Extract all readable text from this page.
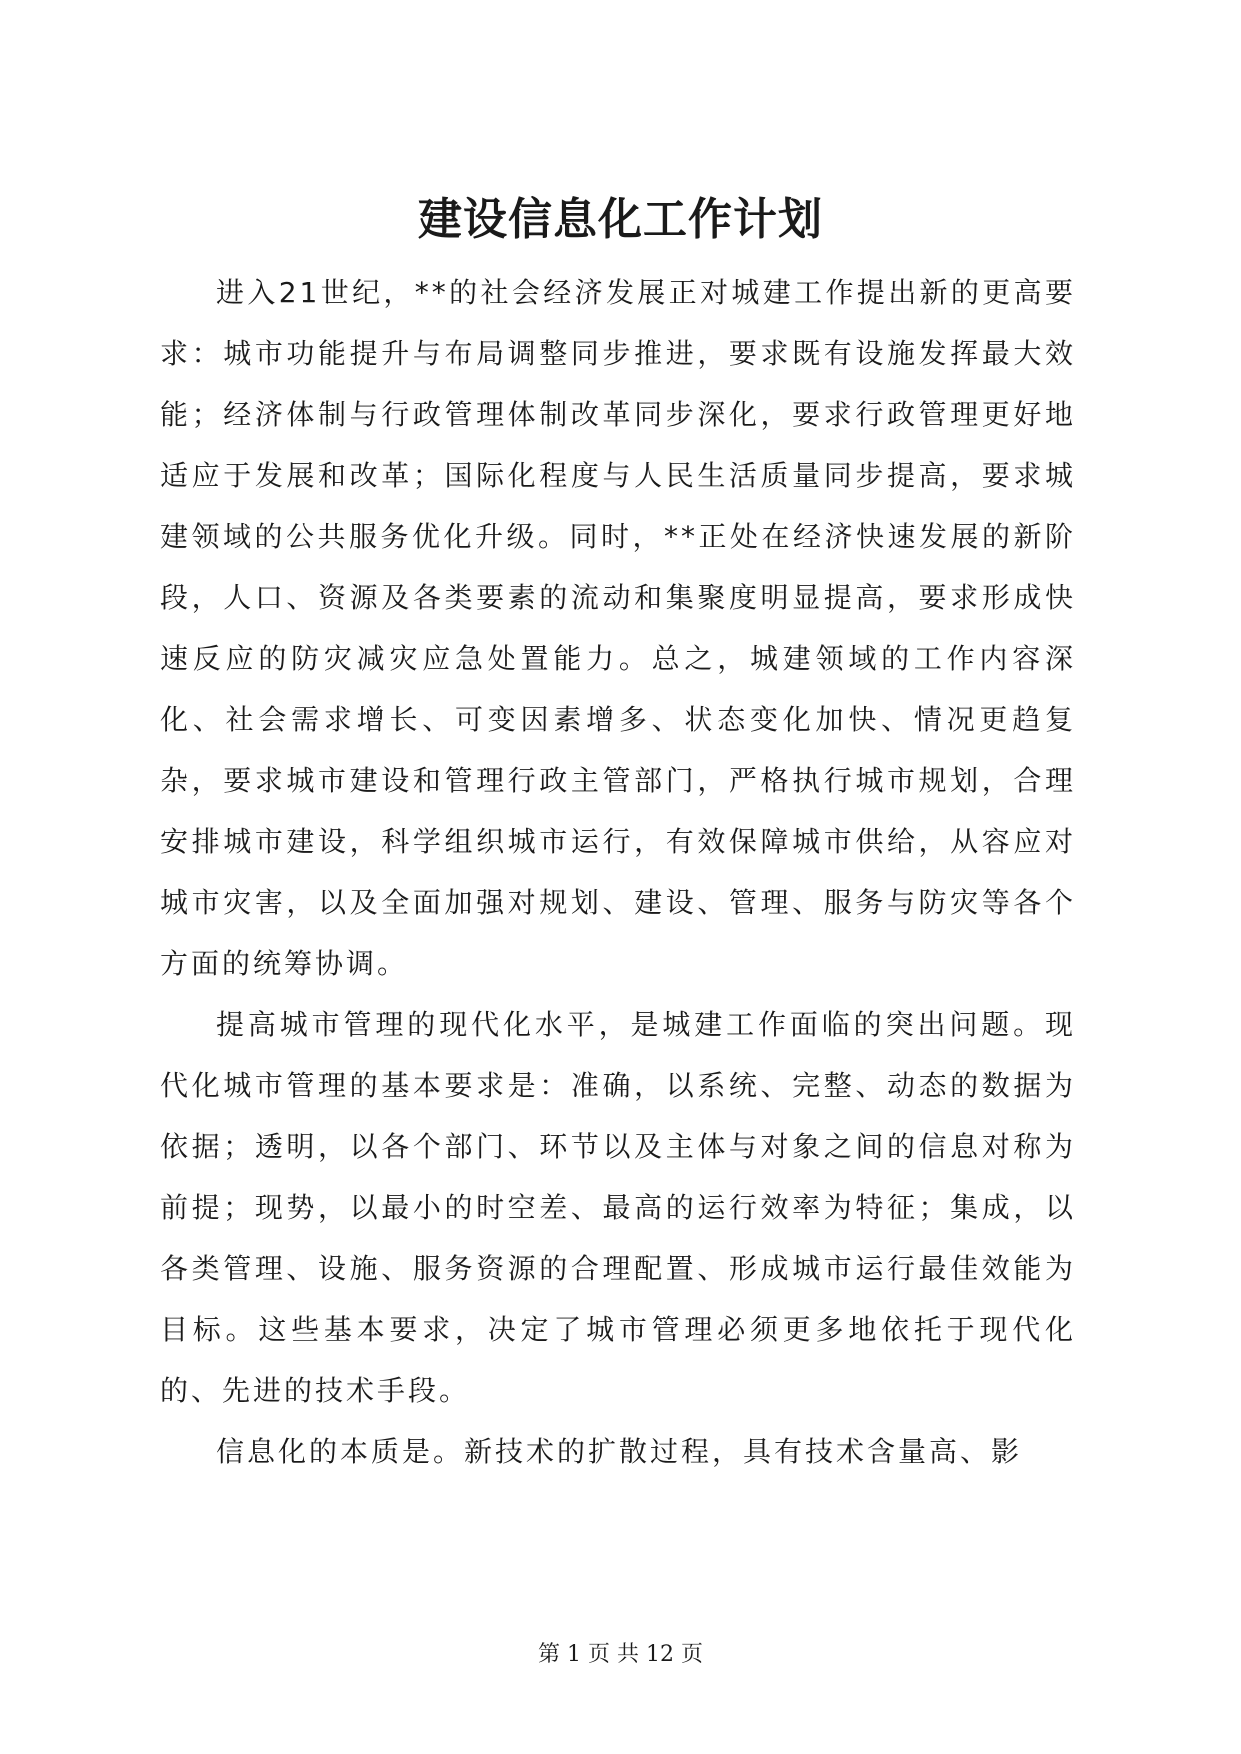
建设信息化工作计划

进入21世纪，**的社会经济发展正对城建工作提出新的更高要求：城市功能提升与布局调整同步推进，要求既有设施发挥最大效能；经济体制与行政管理体制改革同步深化，要求行政管理更好地适应于发展和改革；国际化程度与人民生活质量同步提高，要求城建领域的公共服务优化升级。同时，**正处在经济快速发展的新阶段，人口、资源及各类要素的流动和集聚度明显提高，要求形成快速反应的防灾减灾应急处置能力。总之，城建领域的工作内容深化、社会需求增长、可变因素增多、状态变化加快、情况更趋复杂，要求城市建设和管理行政主管部门，严格执行城市规划，合理安排城市建设，科学组织城市运行，有效保障城市供给，从容应对城市灾害，以及全面加强对规划、建设、管理、服务与防灾等各个方面的统筹协调。

提高城市管理的现代化水平，是城建工作面临的突出问题。现代化城市管理的基本要求是：准确，以系统、完整、动态的数据为依据；透明，以各个部门、环节以及主体与对象之间的信息对称为前提；现势，以最小的时空差、最高的运行效率为特征；集成，以各类管理、设施、服务资源的合理配置、形成城市运行最佳效能为目标。这些基本要求，决定了城市管理必须更多地依托于现代化的、先进的技术手段。

信息化的本质是。新技术的扩散过程，具有技术含量高、影

第 1 页 共 12 页
